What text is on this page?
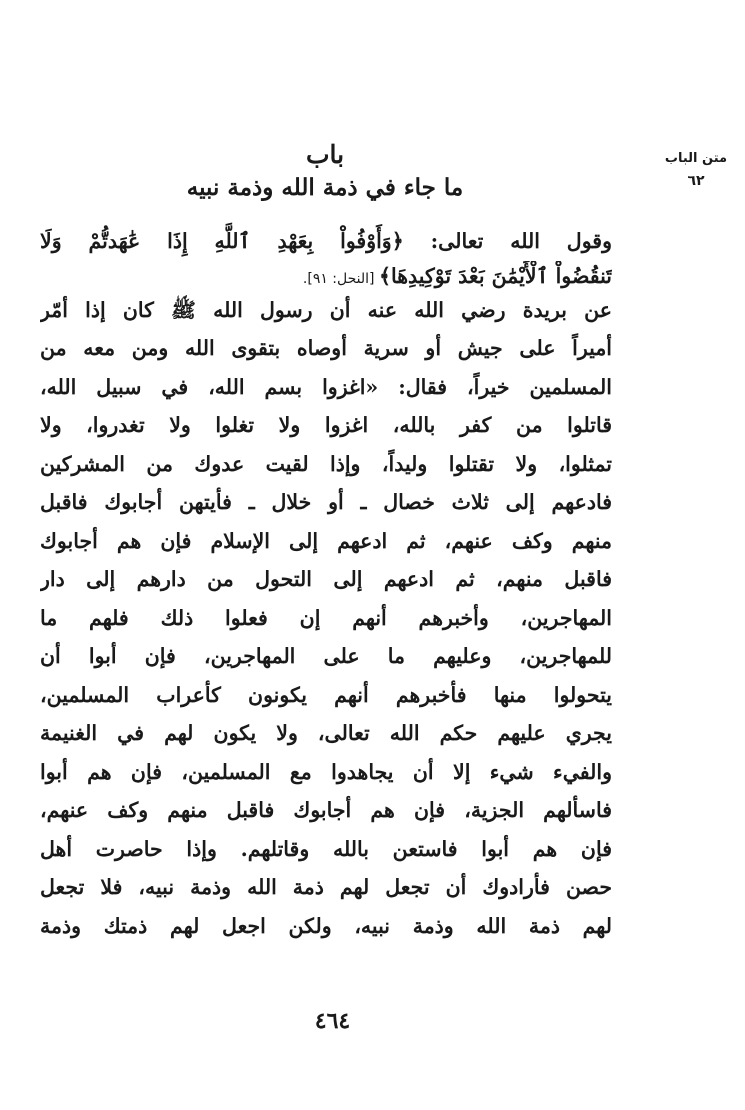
متن الباب
٦٢
باب
ما جاء في ذمة الله وذمة نبيه
وقول الله تعالى: ﴿وَأَوْفُواْ بِعَهْدِ ٱللَّهِ إِذَا عَٰهَدتُّمْ وَلَا
تَنقُضُواْ ٱلْأَيْمَٰنَ بَعْدَ تَوْكِيدِهَا﴾ [النحل: ٩١].
عن بريدة رضي الله عنه أن رسول الله ﷺ كان إذا أمّر
أميراً على جيش أو سرية أوصاه بتقوى الله ومن معه من
المسلمين خيراً، فقال: «اغزوا بسم الله، في سبيل الله،
قاتلوا من كفر بالله، اغزوا ولا تغلوا ولا تغدروا، ولا
تمثلوا، ولا تقتلوا وليداً، وإذا لقيت عدوك من المشركين
فادعهم إلى ثلاث خصال ـ أو خلال ـ فأيتهن أجابوك فاقبل
منهم وكف عنهم، ثم ادعهم إلى الإسلام فإن هم أجابوك
فاقبل منهم، ثم ادعهم إلى التحول من دارهم إلى دار
المهاجرين، وأخبرهم أنهم إن فعلوا ذلك فلهم ما
للمهاجرين، وعليهم ما على المهاجرين، فإن أبوا أن
يتحولوا منها فأخبرهم أنهم يكونون كأعراب المسلمين،
يجري عليهم حكم الله تعالى، ولا يكون لهم في الغنيمة
والفيء شيء إلا أن يجاهدوا مع المسلمين، فإن هم أبوا
فاسألهم الجزية، فإن هم أجابوك فاقبل منهم وكف عنهم،
فإن هم أبوا فاستعن بالله وقاتلهم. وإذا حاصرت أهل
حصن فأرادوك أن تجعل لهم ذمة الله وذمة نبيه، فلا تجعل
لهم ذمة الله وذمة نبيه، ولكن اجعل لهم ذمتك وذمة
٤٦٤
